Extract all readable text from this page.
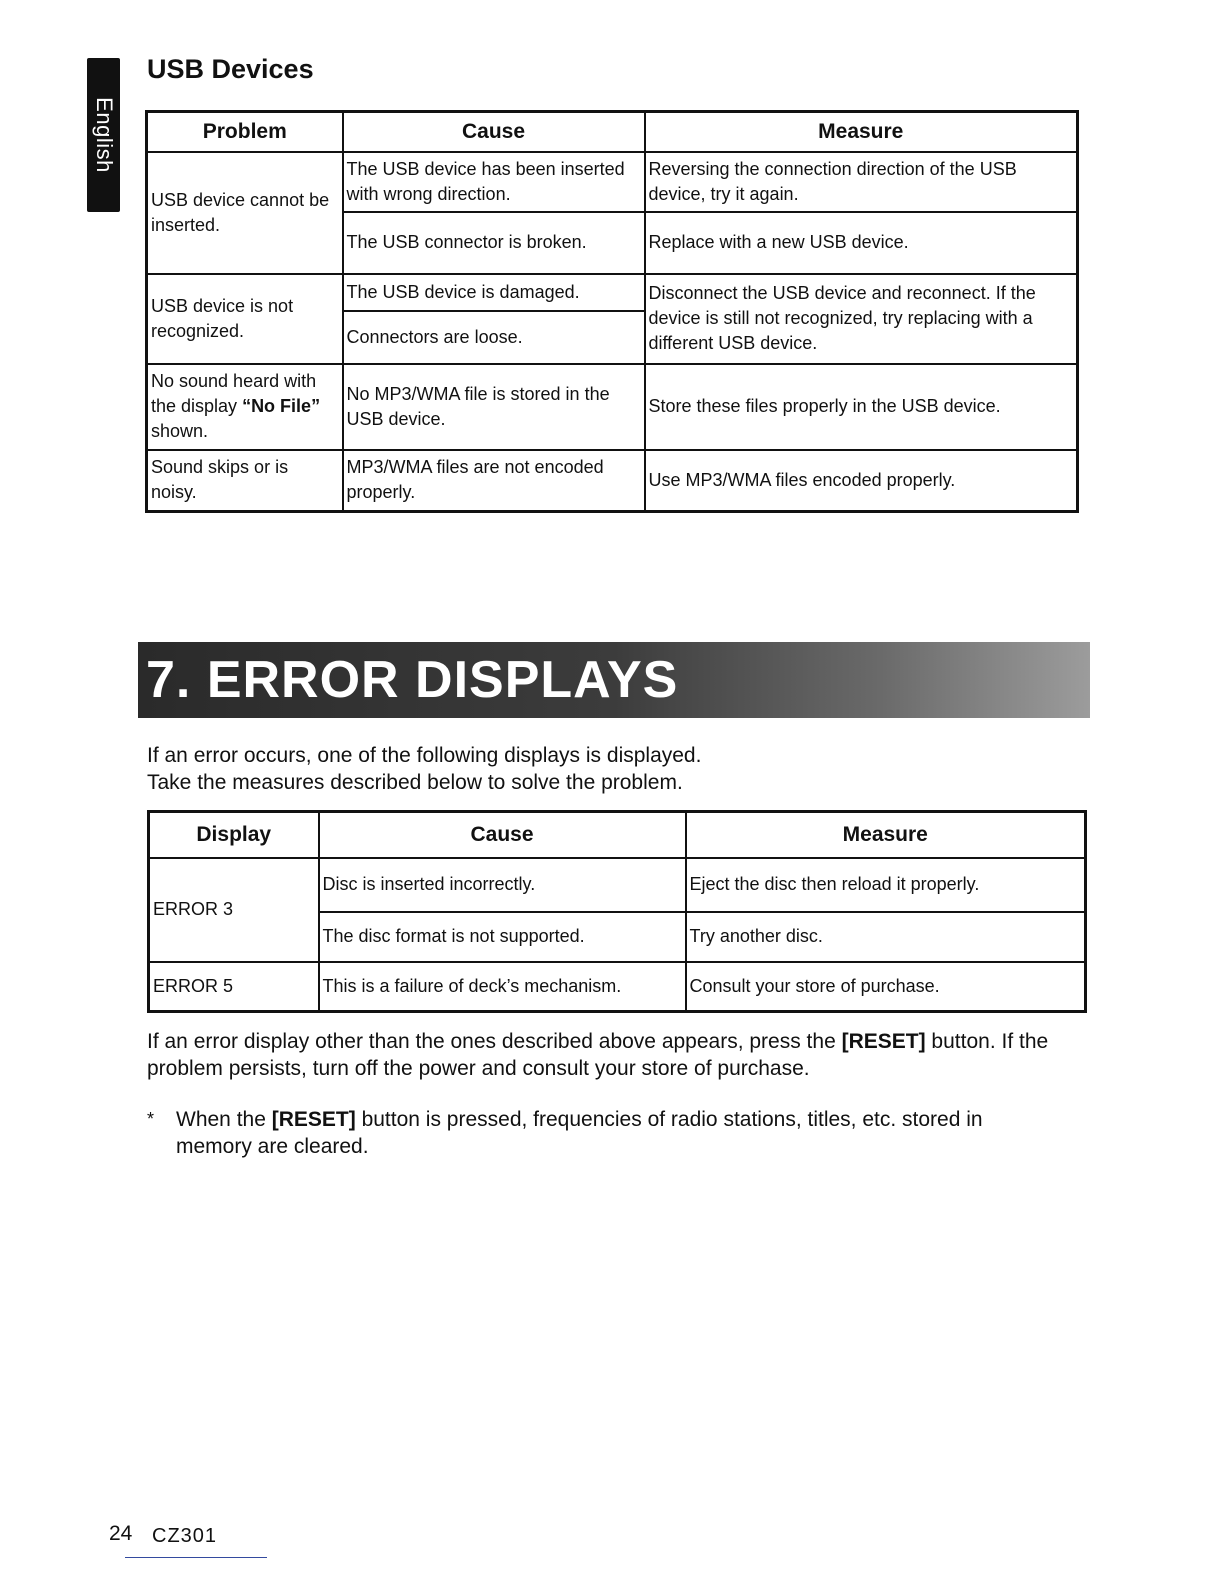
English
USB Devices
Problem	Cause	Measure
USB device cannot be inserted.	The USB device has been inserted with wrong direction.	Reversing the connection direction of the USB device, try it again.
	The USB connector is broken.	Replace with a new USB device.
USB device is not recognized.	The USB device is damaged.	Disconnect the USB device and reconnect. If the device is still not recognized, try replacing with a different USB device.
	Connectors are loose.	
No sound heard with the display “No File” shown.	No MP3/WMA file is stored in the USB device.	Store these files properly in the USB device.
Sound skips or is noisy.	MP3/WMA files are not encoded properly.	Use MP3/WMA files encoded properly.
7. ERROR DISPLAYS

If an error occurs, one of the following displays is displayed.

Take the measures described below to solve the problem.

Display	Cause	Measure
ERROR 3	Disc is inserted incorrectly.	Eject the disc then reload it properly.
	The disc format is not supported.	Try another disc.
ERROR 5	This is a failure of deck’s mechanism.	Consult your store of purchase.

If an error display other than the ones described above appears, press the [RESET] button. If the problem persists, turn off the power and consult your store of purchase.

*	When the [RESET] button is pressed, frequencies of radio stations, titles, etc. stored in memory are cleared.
24 CZ301
